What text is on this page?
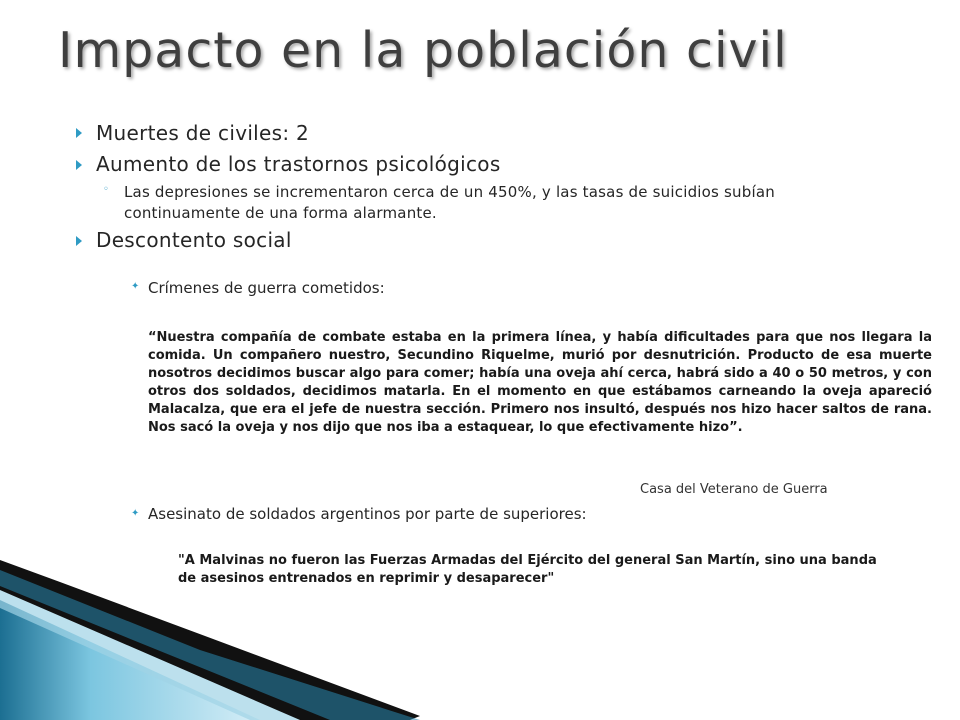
Impacto en la población civil
Muertes de civiles: 2
Aumento de los trastornos psicológicos
◦ Las depresiones se incrementaron cerca de un 450%, y las tasas de suicidios subían
continuamente de una forma alarmante.
Descontento social
✦ Crímenes de guerra cometidos:
“Nuestra compañía de combate estaba en la primera línea, y había dificultades para que nos llegara la comida. Un compañero nuestro, Secundino Riquelme, murió por desnutrición. Producto de esa muerte nosotros decidimos buscar algo para comer; había una oveja ahí cerca, habrá sido a 40 o 50 metros, y con otros dos soldados, decidimos matarla. En el momento en que estábamos carneando la oveja apareció Malacalza, que era el jefe de nuestra sección. Primero nos insultó, después nos hizo hacer saltos de rana. Nos sacó la oveja y nos dijo que nos iba a estaquear, lo que efectivamente hizo”.
Casa del Veterano de Guerra
✦ Asesinato de soldados argentinos por parte de superiores:
"A Malvinas no fueron las Fuerzas Armadas del Ejército del general San Martín, sino una banda de asesinos entrenados en reprimir y desaparecer"
